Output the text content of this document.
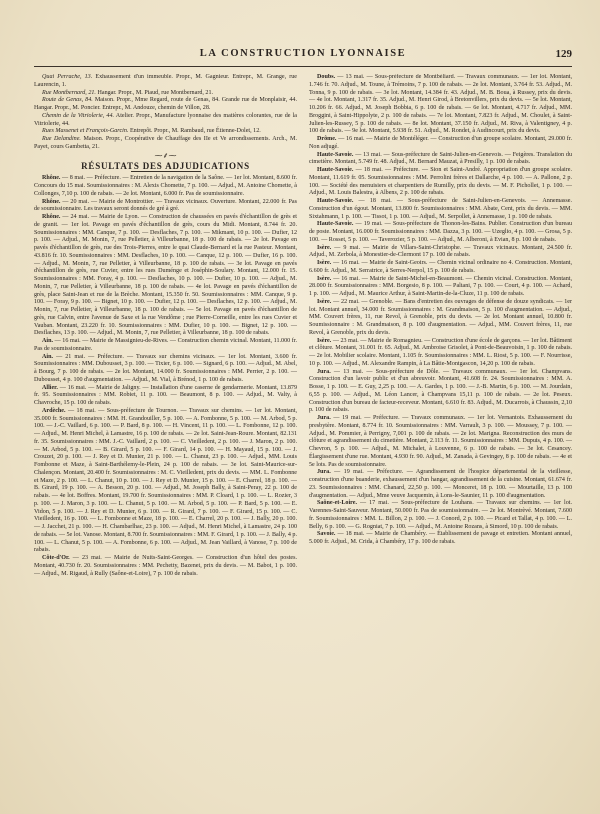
LA CONSTRUCTION LYONNAISE	129

Quai Perrache, 13. Exhaussement d'un immeuble. Propr., M. Gagnieur. Entrepr., M. Grange, rue Laurencin, 1.

Rue Montbernard, 21. Hangar. Propr., M. Piaud, rue Montbernard, 21.

Route de Genas, 84. Maison. Propr., Mme Regard, route de Genas, 84. Grande rue de Monplaisir, 44. Hangar. Propr., M. Poncier. Entrepr., M. Andouze, chemin de Villon, 28.

Chemin de la Vitriolerie, 44. Atelier. Propr., Manufacture lyonnaise des matières colorantes, rue de la Vitriolerie, 44.

Rues Massenet et François-Garcin. Entrepôt. Propr., M. Rambaud, rue Étienne-Dolet, 12.

Rue Delandine. Maison. Propr., Coopérative de Chauffage des IIe et Ve arrondissements. Arch., M. Payet, cours Gambetta, 21.

⁓⸙⁓
RÉSULTATS DES ADJUDICATIONS

Rhône. — 8 mai. — Préfecture. — Entretien de la navigation de la Saône. — 1er lot. Montant, 8.600 fr. Concours du 15 mai. Soumissionnaires : M. Alexis Chomette, 7 p. 100. — Adjud., M. Antoine Chomette, à Collonges, 7,10 p. 100 de rabais. — 2e lot. Montant, 6.000 fr. Pas de soumissionnaire.

Rhône. — 20 mai. — Mairie de Montrottier. — Travaux vicinaux. Ouverture. Montant, 22.000 fr. Pas de soumissionnaire. Les travaux seront donnés de gré à gré.

Rhône. — 24 mai. — Mairie de Lyon. — Construction de chaussées en pavés d'échantillon de grès et de granit. — 1er lot. Pavage en pavés d'échantillon de grès, cours du Midi. Montant, 8.744 fr. 20. Soumissionnaires : MM. Canque, 7 p. 100. — Desflaches, 7 p. 100. — Mikmant, 10 p. 100. — Dufier, 12 p. 100. — Adjud., M. Monin, 7, rue Pelletier, à Villeurbanne, 18 p. 100 de rabais. — 2e lot. Pavage en pavés d'échantillon de grès, rue des Trois-Pierres, entre le quai Claude-Bernard et la rue Pasteur. Montant, 43.816 fr. 10. Soumissionnaires : MM. Desflaches, 10 p. 100. — Canque, 12 p. 100. — Dufier, 16 p. 100. — Adjud., M. Monin, 7, rue Pelletier, à Villeurbanne, 18 p. 100 de rabais. — 3e lot. Pavage en pavés d'échantillon de grès, rue Cuvier, entre les rues Duménge et Joséphin-Soulary. Montant, 12.000 fr. 15. Soumissionnaires : MM. Foray, 4 p. 100. — Desflaches, 10 p. 100. — Dufier, 10 p. 100. — Adjud., M. Monin, 7, rue Pelletier, à Villeurbanne, 18 p. 100 de rabais. — 4e lot. Pavage en pavés d'échantillon de grès, place Saint-Jean et rue de la Brèche. Montant, 15.350 fr. 50. Soumissionnaires : MM. Canque, 9 p. 100. — Foray, 9 p. 100. — Bignet, 10 p. 100. — Dufier, 12 p. 100. — Desflaches, 12 p. 100. — Adjud., M. Monin, 7, rue Pelletier, à Villeurbanne, 18 p. 100 de rabais. — 5e lot. Pavage en pavés d'échantillon de grès, rue Calvin, entre l'avenue de Saxe et la rue Vendôme ; rue Pierre-Corneille, entre les rues Cuvier et Vauban. Montant, 23.220 fr. 10. Soumissionnaires : MM. Dufier, 10 p. 100. — Bignet, 12 p. 100. — Desflaches, 13 p. 100. — Adjud., M. Monin, 7, rue Pelletier, à Villeurbanne, 18 p. 100 de rabais.

Ain. — 16 mai. — Mairie de Massignieu-de-Rives. — Construction chemin vicinal. Montant, 11.000 fr. Pas de soumissionnaire.

Ain. — 21 mai. — Préfecture. — Travaux sur chemins vicinaux. — 1er lot. Montant, 3.600 fr. Soumissionnaires : MM. Dubousset, 3 p. 100. — Tixier, 6 p. 100. — Signard, 6 p. 100. — Adjud., M. Abel, à Bourg, 7 p. 100 de rabais. — 2e lot. Montant, 14.000 fr. Soumissionnaires : MM. Perrier, 2 p. 100. — Dubousset, 4 p. 100 d'augmentation. — Adjud., M. Vial, à Brénod, 1 p. 100 de rabais.

Allier. — 16 mai. — Mairie de Jaligny. — Installation d'une caserne de gendarmerie. Montant, 13.879 fr. 95. Soumissionnaires : MM. Robiet, 11 p. 100. — Beaumont, 8 p. 100. — Adjud., M. Valty, à Chavroche, 15 p. 100 de rabais.

Ardèche. — 18 mai. — Sous-préfecture de Tournon. — Travaux sur chemins. — 1er lot. Montant, 35.000 fr. Soumissionnaires : MM. H. Grandouiller, 5 p. 100. — A. Fombonne, 5 p. 100. — M. Arbod, 5 p. 100. — J.-C. Vaillard, 6 p. 100. — P. Bard, 8 p. 100. — H. Vincent, 11 p. 100. — L. Fombonne, 12 p. 100. — Adjud., M. Henri Michel, à Lamastre, 16 p. 100 de rabais. — 2e lot. Saint-Jean-Roure. Montant, 82.131 fr. 35. Soumissionnaires : MM. J.-C. Vaillard, 2 p. 100. — C. Vieilledent, 2 p. 100. — J. Maron, 2 p. 100. — M. Arbod, 5 p. 100. — B. Girard, 5 p. 100. — F. Girard, 14 p. 100. — H. Mayaud, 15 p. 100. — J. Crouzet, 20 p. 100. — J. Rey et D. Munier, 21 p. 100. — L. Chanut, 23 p. 100. — Adjud., MM. Louis Fombonne et Maze, à Saint-Barthélemy-le-Plein, 24 p. 100 de rabais. — 3e lot. Saint-Maurice-sur-Chalençon. Montant, 20.400 fr. Soumissionnaires : M. C. Vieilledent, prix du devis. — MM. L. Fombonne et Maze, 2 p. 100. — L. Chanut, 10 p. 100. — J. Rey et D. Munier, 15 p. 100. — E. Charrel, 18 p. 100. — B. Girard, 19 p. 100. — A. Besson, 20 p. 100. — Adjud., M. Joseph Bally, à Saint-Peray, 22 p. 100 de rabais. — 4e lot. Boffres. Montant, 19.700 fr. Soumissionnaires : MM. P. Cloard, 1 p. 100. — L. Rozier, 3 p. 100. — J. Maron, 3 p. 100. — L. Chanut, 5 p. 100. — M. Arbod, 5 p. 100. — P. Bard, 5 p. 100. — E. Vidon, 5 p. 100. — J. Rey et D. Munier, 6 p. 100. — R. Girard, 7 p. 100. — F. Girard, 15 p. 100. — C. Vieilledent, 16 p. 100. — L. Fombonne et Maze, 18 p. 100. — E. Charrel, 20 p. 100. — J. Bally, 20 p. 100. — J. Jacchet, 21 p. 100. — H. Chambarlhac, 23 p. 100. — Adjud., M. Henri Michel, à Lamastre, 24 p. 100 de rabais. — 5e lot. Vanose. Montant, 8.700 fr. Soumissionnaires : MM. F. Girard, 1 p. 100. — J. Bally, 4 p. 100. — L. Chanut, 5 p. 100. — A. Fombonne, 6 p. 100. — Adjud., M. Jean Vaillard, à Vanose, 7 p. 100 de rabais.

Côte-d'Or. — 23 mai. — Mairie de Nuits-Saint-Georges. — Construction d'un hôtel des postes. Montant, 40.730 fr. 20. Soumissionnaires : MM. Pechetty, Bazenet, prix du devis. — M. Babot, 1 p. 100. — Adjud., M. Rigaud, à Rully (Saône-et-Loire), 7 p. 100 de rabais.

Doubs. — 13 mai. — Sous-préfecture de Montbéliard. — Travaux communaux. — 1er lot. Montant, 1.746 fr. 70. Adjud., M. Toune, à Trémoins, 7 p. 100 de rabais. — 2e lot. Montant, 3.764 fr. 53. Adjud., M. Tonna, 9 p. 100 de rabais. — 3e lot. Montant, 14.384 fr. 43. Adjud., M. B. Boua, à Russey, prix du devis. — 4e lot. Montant, 1.317 fr. 35. Adjud., M. Henri Girod, à Bretonvillers, prix du devis. — 5e lot. Montant, 10.206 fr. 66. Adjud., M. Joseph Bobbia, 6 p. 100 de rabais. — 6e lot. Montant, 4.717 fr. Adjud., MM. Broggini, à Saint-Hippolyte, 2 p. 100 de rabais. — 7e lot. Montant, 7.823 fr. Adjud., M. Choulet, à Saint-Julien-les-Russey, 5 p. 100 de rabais. — 8e lot. Montant, 37.150 fr. Adjud., M. Riva, à Valentigney, 4 p. 100 de rabais. — 9e lot. Montant, 5.938 fr. 51. Adjud., M. Rondet, à Audincourt, prix du devis.

Drôme. — 16 mai. — Mairie de Montéléger. — Construction d'un groupe scolaire. Montant, 29.000 fr. Non adjugé.

Haute-Savoie. — 13 mai. — Sous-préfecture de Saint-Julien-en-Genevois. — Feigères. Translation du cimetière. Montant, 5.749 fr. 48. Adjud., M. Bernard Mauzat, à Presilly, 1 p. 100 de rabais.

Haute-Savoie. — 18 mai. — Préfecture. — Sion et Saint-André. Appropriation d'un groupe scolaire. Montant, 11.619 fr. 05. Soumissionnaires : MM. Perrolini frères et Dallarche, 4 p. 100. — A. Pallone, 2 p. 100. — Société des menuisiers et charpentiers de Rumilly, prix du devis. — M. F. Pichollet, 1 p. 100. — Adjud., M. Louis Balestra, à Albens, 2 p. 100 de rabais.

Haute-Savoie. — 18 mai. — Sous-préfecture de Saint-Julien-en-Genevois. — Annemasse. Construction d'un égout. Montant, 13.800 fr. Soumissionnaires : MM. Abate, Cent, prix du devis. — MM. Sixtahmann, 1 p. 100. — Tissot, 1 p. 100. — Adjud., M. Serpollet, à Annemasse, 1 p. 100 de rabais.

Haute-Savoie. — 19 mai. — Sous-préfecture de Thonon-les-Bains. Publier. Construction d'un bureau de poste. Montant, 16.000 fr. Soumissionnaires : MM. Dazza, 3 p. 100. — Uzeglio, 4 p. 100. — Grosa, 5 p. 100. — Rosset, 5 p. 100. — Taverozier, 5 p. 100. — Adjud., M. Alberoni, à Evian, 8 p. 100 de rabais.

Isère. — 9 mai. — Mairie de Villars-Saint-Christophe. — Travaux vicinaux. Montant, 24.500 fr. Adjud., M. Zerbola, à Monestier-de-Clermont 17 p. 100 de rabais.

Isère. — 16 mai. — Mairie de Saint-Geoirs. — Chemin vicinal ordinaire no 4. Construction. Montant, 6.600 fr. Adjud., M. Serratrice, à Serres-Nerpol, 15 p. 100 de rabais.

Isère. — 16 mai. — Mairie de Saint-Michel-en-Beaumont. — Chemin vicinal. Construction. Montant, 28.000 fr. Soumissionnaires : MM. Borgesio, 8 p. 100. — Paltani, 7 p. 100. — Court, 4 p. 100. — Achard, 1 p. 100. — Adjud., M. Maurice Arthur, à Saint-Martin-de-la-Cluze, 11 p. 100 de rabais.

Isère. — 22 mai. — Grenoble. — Bans d'entretien des ouvrages de défense de douze syndicats. — 1er lot. Montant annuel, 34.000 fr. Soumissionnaires : M. Grandmaison, 5 p. 100 d'augmentation. — Adjud., MM. Couvert frères, 11, rue Revol, à Grenoble, prix du devis. — 2e lot. Montant annuel, 10.800 fr. Soumissionnaire : M. Grandmaison, 8 p. 100 d'augmentation. — Adjud., MM. Couvert frères, 11, rue Revol, à Grenoble, prix du devis.

Isère. — 23 mai. — Mairie de Romagnieu. — Construction d'une école de garçons. — 1er lot. Bâtiment et clôture. Montant, 31.001 fr. 65. Adjud., M. Ambroise Grisolet, à Pont-de-Beauvoisin, 1 p. 100 de rabais. — 2e lot. Mobilier scolaire. Montant, 1.105 fr. Soumissionnaires : MM. L. Riost, 5 p. 100. — F. Nourrisse, 10 p. 100. — Adjud., M. Alexandre Rampin, à La Bâtie-Montgascon, 14,20 p. 100 de rabais.

Jura. — 13 mai. — Sous-préfecture de Dôle. — Travaux communaux. — 1er lot. Champvans. Construction d'un lavoir public et d'un abreuvoir. Montant, 41.608 fr. 24. Soumissionnaires : MM. A. Bosse, 1 p. 100. — E. Guy, 2,25 p. 100. — A. Gardes, 1 p. 100. — J.-B. Martin, 6 p. 100. — M. Jourdain, 6,55 p. 100. — Adjud., M. Léon Lancer, à Champvans 15,11 p. 100 de rabais. — 2e lot. Peseux. Construction d'un bureau de facteur-receveur. Montant, 6.610 fr. 83. Adjud., M. Ducarrois, à Chaussin, 2,10 p. 100 de rabais.

Jura. — 19 mai. — Préfecture. — Travaux communaux. — 1er lot. Vernantois. Exhaussement du presbytère. Montant, 8.774 fr. 10. Soumissionnaires : MM. Varrault, 3 p. 100. — Moussey, 7 p. 100. — Adjud., M. Pommier, à Perrigny, 7,001 p. 100 de rabais. — 2e lot. Marigna. Reconstruction des murs de clôture et agrandissement du cimetière. Montant, 2.113 fr. 11. Soumissionnaires : MM. Dupuis, 4 p. 100. — Chevron, 5 p. 100. — Adjud., M. Michalet, à Louvenne, 6 p. 100 de rabais. — 3e lot. Cesancey. Élargissement d'une rue. Montant, 4.930 fr. 90. Adjud., M. Zanada, à Gevingey, 8 p. 100 de rabais. — 4e et 5e lots. Pas de soumissionnaire.

Jura. — 19 mai. — Préfecture. — Agrandissement de l'hospice départemental de la vieillesse, construction d'une buanderie, exhaussement d'un hangar, agrandissement de la cuisine. Montant, 61.674 fr. 23. Soumissionnaires : MM. Chanard, 22,50 p. 100. — Monceret, 18 p. 100. — Mourtaille, 13 p. 100 d'augmentation. — Adjud., Mme veuve Jacquemin, à Lons-le-Saunier, 11 p. 100 d'augmentation.

Saône-et-Loire. — 17 mai. — Sous-préfecture de Louhans. — Travaux sur chemins. — 1er lot. Varennes-Saint-Sauveur. Montant, 50.000 fr. Pas de soumissionnaire. — 2e lot. Montrèvé. Montant, 7.600 fr. Soumissionnaires : MM. L. Billon, 2 p. 100. — J. Conord, 2 p. 100. — Picard et Tallat, 4 p. 100. — L. Belly, 6 p. 100. — G. Rogniat, 7 p. 100. — Adjud., M. Antoine Rozans, à Simord, 10 p. 100 de rabais.

Savoie. — 18 mai. — Mairie de Chambéry. — Établissement de pavage et entretien. Montant annuel, 5.000 fr. Adjud., M. Crida, à Chambéry, 17 p. 100 de rabais.
